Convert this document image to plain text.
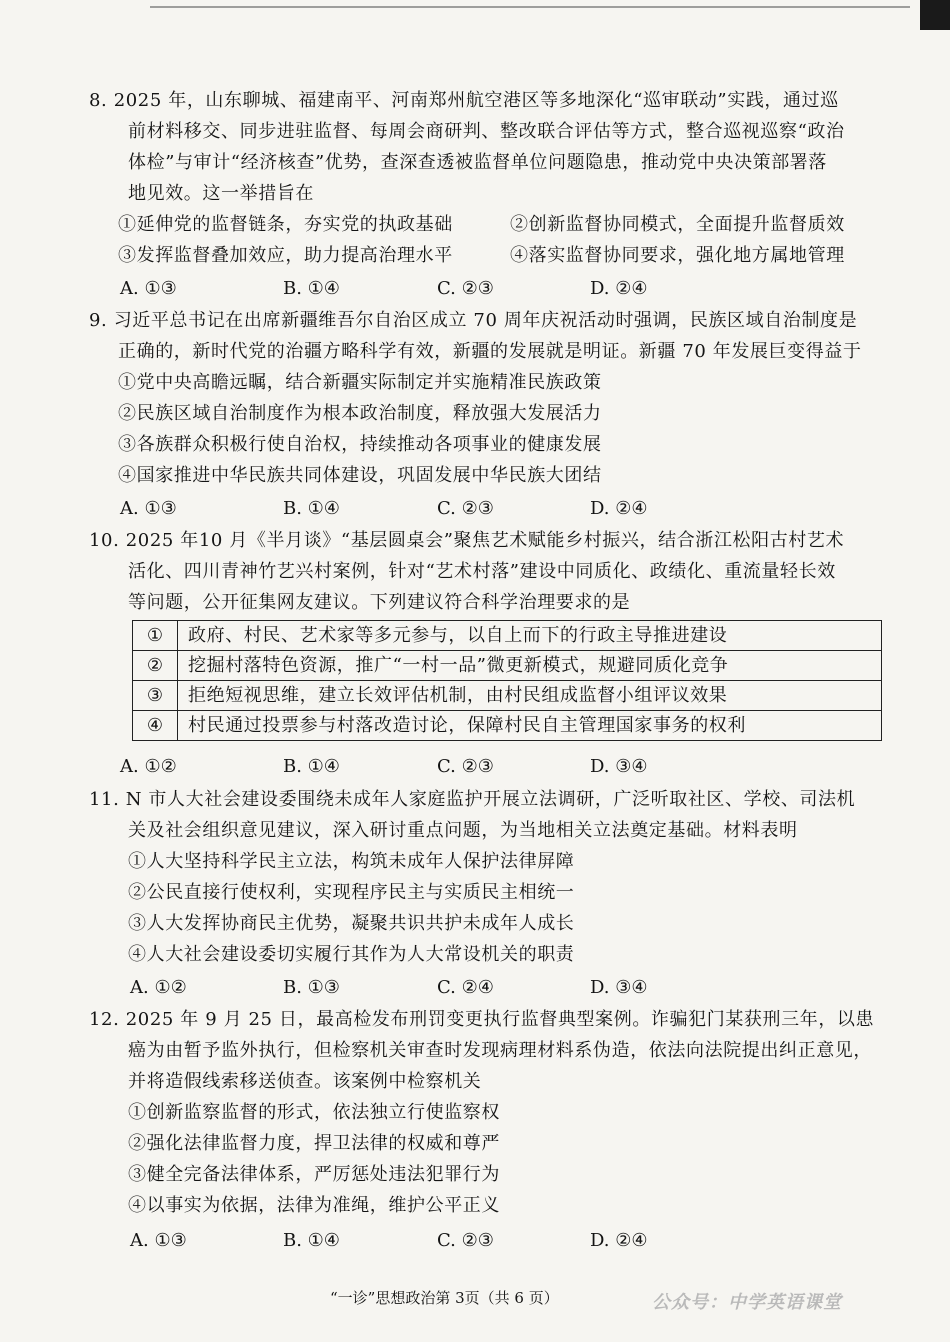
8. 2025 年，山东聊城、福建南平、河南郑州航空港区等多地深化“巡审联动”实践，通过巡
前材料移交、同步进驻监督、每周会商研判、整改联合评估等方式，整合巡视巡察“政治
体检”与审计“经济核查”优势，查深查透被监督单位问题隐患，推动党中央决策部署落
地见效。这一举措旨在
①延伸党的监督链条，夯实党的执政基础	②创新监督协同模式，全面提升监督质效
③发挥监督叠加效应，助力提高治理水平	④落实监督协同要求，强化地方属地管理
A. ①③	B. ①④	C. ②③	D. ②④
9. 习近平总书记在出席新疆维吾尔自治区成立 70 周年庆祝活动时强调，民族区域自治制度是
正确的，新时代党的治疆方略科学有效，新疆的发展就是明证。新疆 70 年发展巨变得益于
①党中央高瞻远瞩，结合新疆实际制定并实施精准民族政策
②民族区域自治制度作为根本政治制度，释放强大发展活力
③各族群众积极行使自治权，持续推动各项事业的健康发展
④国家推进中华民族共同体建设，巩固发展中华民族大团结
A. ①③	B. ①④	C. ②③	D. ②④
10. 2025 年10 月《半月谈》“基层圆桌会”聚焦艺术赋能乡村振兴，结合浙江松阳古村艺术
活化、四川青神竹艺兴村案例，针对“艺术村落”建设中同质化、政绩化、重流量轻长效
等问题，公开征集网友建议。下列建议符合科学治理要求的是
①	政府、村民、艺术家等多元参与，以自上而下的行政主导推进建设
②	挖掘村落特色资源，推广“一村一品”微更新模式，规避同质化竞争
③	拒绝短视思维，建立长效评估机制，由村民组成监督小组评议效果
④	村民通过投票参与村落改造讨论，保障村民自主管理国家事务的权利
A. ①②	B. ①④	C. ②③	D. ③④
11. N 市人大社会建设委围绕未成年人家庭监护开展立法调研，广泛听取社区、学校、司法机
关及社会组织意见建议，深入研讨重点问题，为当地相关立法奠定基础。材料表明
①人大坚持科学民主立法，构筑未成年人保护法律屏障
②公民直接行使权利，实现程序民主与实质民主相统一
③人大发挥协商民主优势，凝聚共识共护未成年人成长
④人大社会建设委切实履行其作为人大常设机关的职责
A. ①②	B. ①③	C. ②④	D. ③④
12. 2025 年 9 月 25 日，最高检发布刑罚变更执行监督典型案例。诈骗犯门某获刑三年，以患
癌为由暂予监外执行，但检察机关审查时发现病理材料系伪造，依法向法院提出纠正意见，
并将造假线索移送侦查。该案例中检察机关
①创新监察监督的形式，依法独立行使监察权
②强化法律监督力度，捍卫法律的权威和尊严
③健全完备法律体系，严厉惩处违法犯罪行为
④以事实为依据，法律为准绳，维护公平正义
A. ①③	B. ①④	C. ②③	D. ②④
“一诊”思想政治第 3页（共 6 页）	公众号：中学英语课堂
